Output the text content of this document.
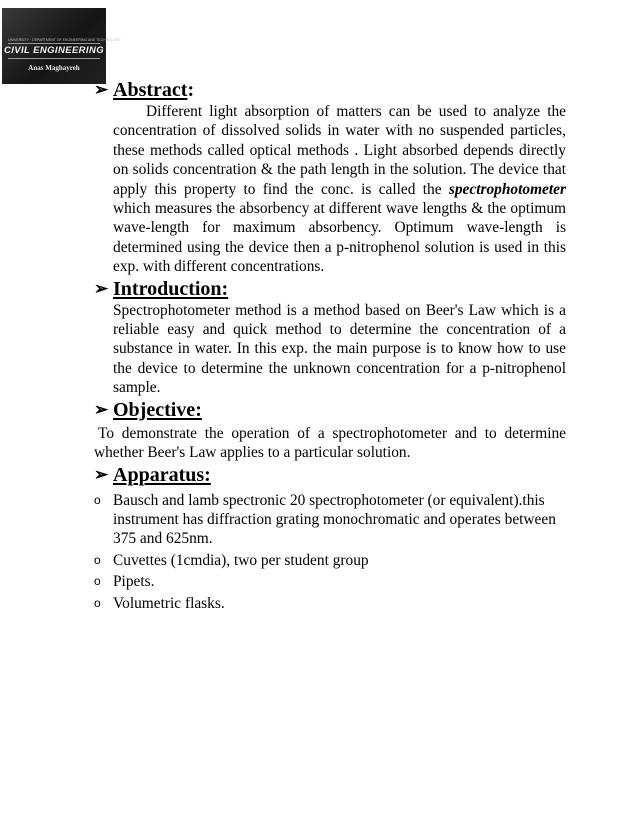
UNIVERSITY · DEPARTMENT OF ENGINEERING AND TECHNOLOGY
CIVIL ENGINEERING
Anas Maghayreh
➢ Abstract :

Different light absorption of matters can be used to analyze the concentration of dissolved solids in water with no suspended particles, these methods called optical methods . Light absorbed depends directly on solids concentration & the path length in the solution. The device that apply this property to find the conc. is called the spectrophotometer which measures the absorbency at different wave lengths & the optimum wave-length for maximum absorbency. Optimum wave-length is determined using the device then a p-nitrophenol solution is used in this exp. with different concentrations.

➢ Introduction:

Spectrophotometer method is a method based on Beer's Law which is a reliable easy and quick method to determine the concentration of a substance in water. In this exp. the main purpose is to know how to use the device to determine the unknown concentration for a p-nitrophenol sample.

➢ Objective:

To demonstrate the operation of a spectrophotometer and to determine whether Beer's Law applies to a particular solution.

➢ Apparatus:
o Bausch and lamb spectronic 20 spectrophotometer (or equivalent).this instrument has diffraction grating monochromatic and operates between 375 and 625nm.
o Cuvettes (1cmdia), two per student group
o Pipets.
o Volumetric flasks.
